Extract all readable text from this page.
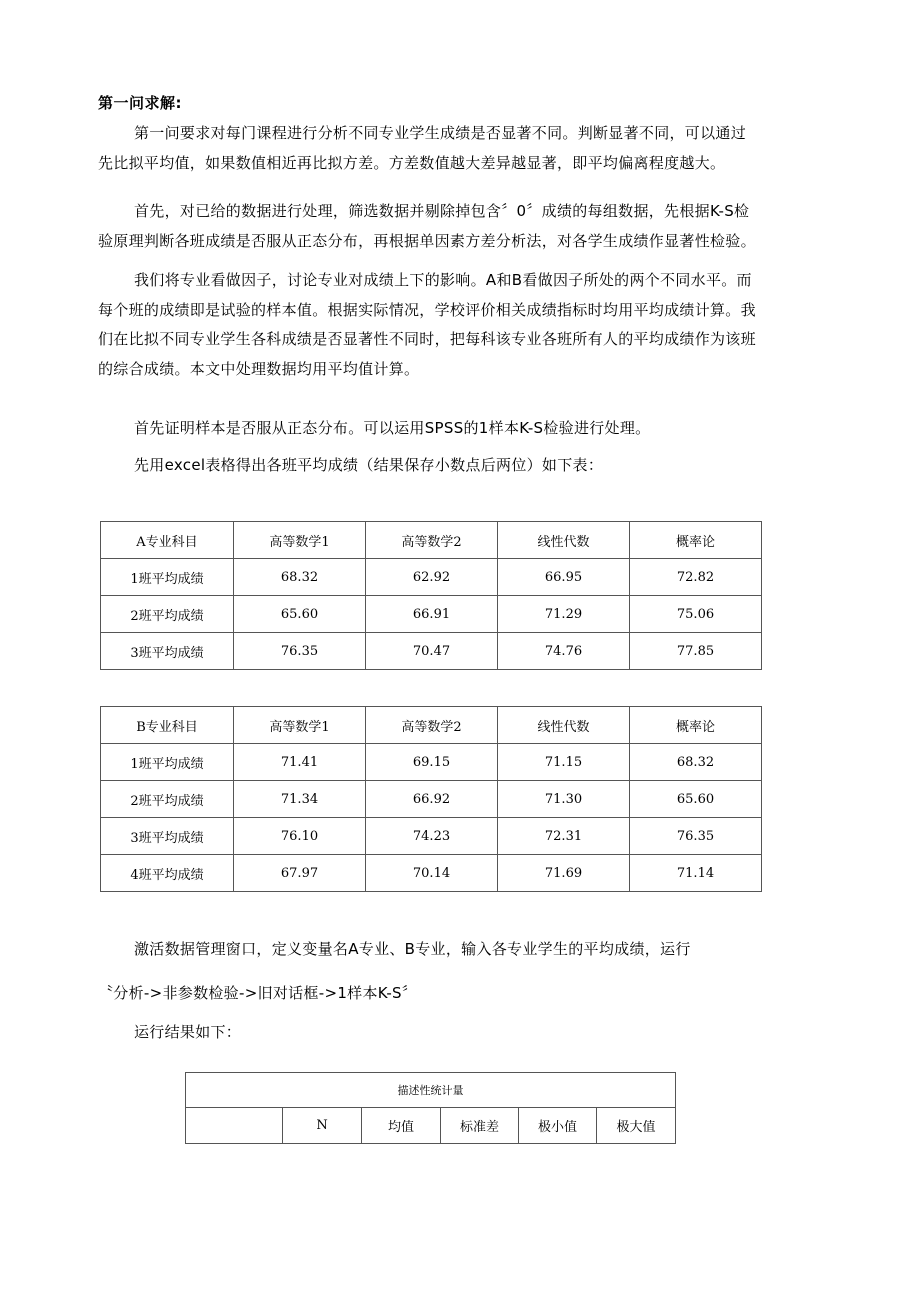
第一问求解:

第一问要求对每门课程进行分析不同专业学生成绩是否显著不同。判断显著不同，可以通过先比拟平均值，如果数值相近再比拟方差。方差数值越大差异越显著，即平均偏离程度越大。

首先，对已给的数据进行处理，筛选数据并剔除掉包含〞0〞成绩的每组数据，先根据K-S检验原理判断各班成绩是否服从正态分布，再根据单因素方差分析法，对各学生成绩作显著性检验。

我们将专业看做因子，讨论专业对成绩上下的影响。A和B看做因子所处的两个不同水平。而每个班的成绩即是试验的样本值。根据实际情况，学校评价相关成绩指标时均用平均成绩计算。我们在比拟不同专业学生各科成绩是否显著性不同时，把每科该专业各班所有人的平均成绩作为该班的综合成绩。本文中处理数据均用平均值计算。

首先证明样本是否服从正态分布。可以运用SPSS的1样本K-S检验进行处理。

先用excel表格得出各班平均成绩（结果保存小数点后两位）如下表：

A专业科目	高等数学1	高等数学2	线性代数	概率论
1班平均成绩	68.32	62.92	66.95	72.82
2班平均成绩	65.60	66.91	71.29	75.06
3班平均成绩	76.35	70.47	74.76	77.85
B专业科目	高等数学1	高等数学2	线性代数	概率论
1班平均成绩	71.41	69.15	71.15	68.32
2班平均成绩	71.34	66.92	71.30	65.60
3班平均成绩	76.10	74.23	72.31	76.35
4班平均成绩	67.97	70.14	71.69	71.14

激活数据管理窗口，定义变量名A专业、B专业，输入各专业学生的平均成绩，运行

〝分析->非参数检验->旧对话框->1样本K-S〞

运行结果如下：

描述性统计量
	N	均值	标准差	极小值	极大值
